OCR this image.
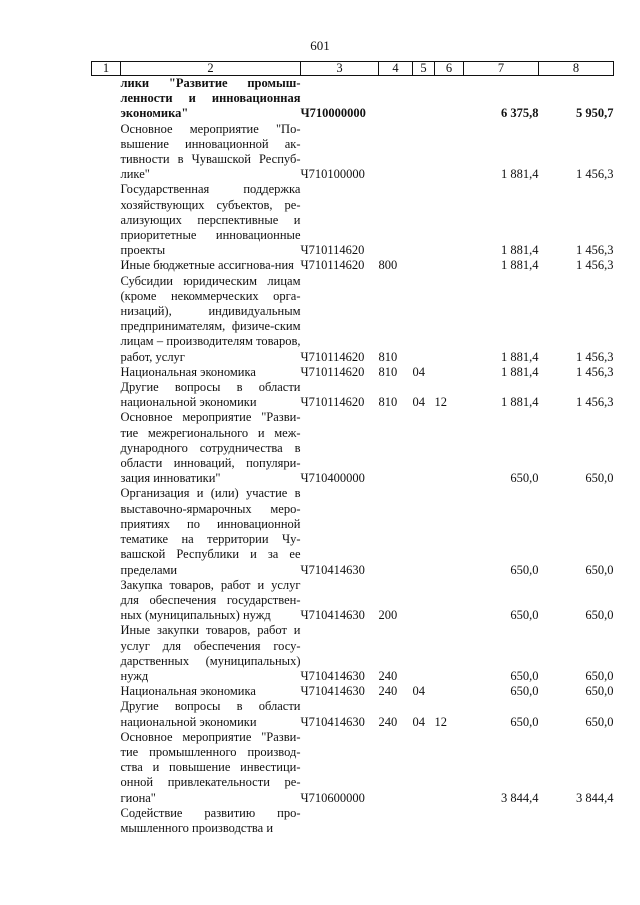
601
1	2	3	4	5	6	7	8
	лики "Развитие промыш-ленности и инновационная экономика"	Ч710000000				6 375,8	5 950,7
	Основное мероприятие "По-вышение инновационной ак-тивности в Чувашской Респуб-лике"	Ч710100000				1 881,4	1 456,3
	Государственная поддержка хозяйствующих субъектов, ре-ализующих перспективные и приоритетные инновационные проекты	Ч710114620				1 881,4	1 456,3
	Иные бюджетные ассигнова-ния	Ч710114620	800			1 881,4	1 456,3
	Субсидии юридическим лицам (кроме некоммерческих орга-низаций), индивидуальным предпринимателям, физиче-ским лицам – производителям товаров, работ, услуг	Ч710114620	810			1 881,4	1 456,3
	Национальная экономика	Ч710114620	810	04		1 881,4	1 456,3
	Другие вопросы в области национальной экономики	Ч710114620	810	04	12	1 881,4	1 456,3
	Основное мероприятие "Разви-тие межрегионального и меж-дународного сотрудничества в области инноваций, популяри-зация инноватики"	Ч710400000				650,0	650,0
	Организация и (или) участие в выставочно-ярмарочных меро-приятиях по инновационной тематике на территории Чу-вашской Республики и за ее пределами	Ч710414630				650,0	650,0
	Закупка товаров, работ и услуг для обеспечения государствен-ных (муниципальных) нужд	Ч710414630	200			650,0	650,0
	Иные закупки товаров, работ и услуг для обеспечения госу-дарственных (муниципальных) нужд	Ч710414630	240			650,0	650,0
	Национальная экономика	Ч710414630	240	04		650,0	650,0
	Другие вопросы в области национальной экономики	Ч710414630	240	04	12	650,0	650,0
	Основное мероприятие "Разви-тие промышленного производ-ства и повышение инвестици-онной привлекательности ре-гиона"	Ч710600000				3 844,4	3 844,4
	Содействие развитию про-мышленного производства и						
